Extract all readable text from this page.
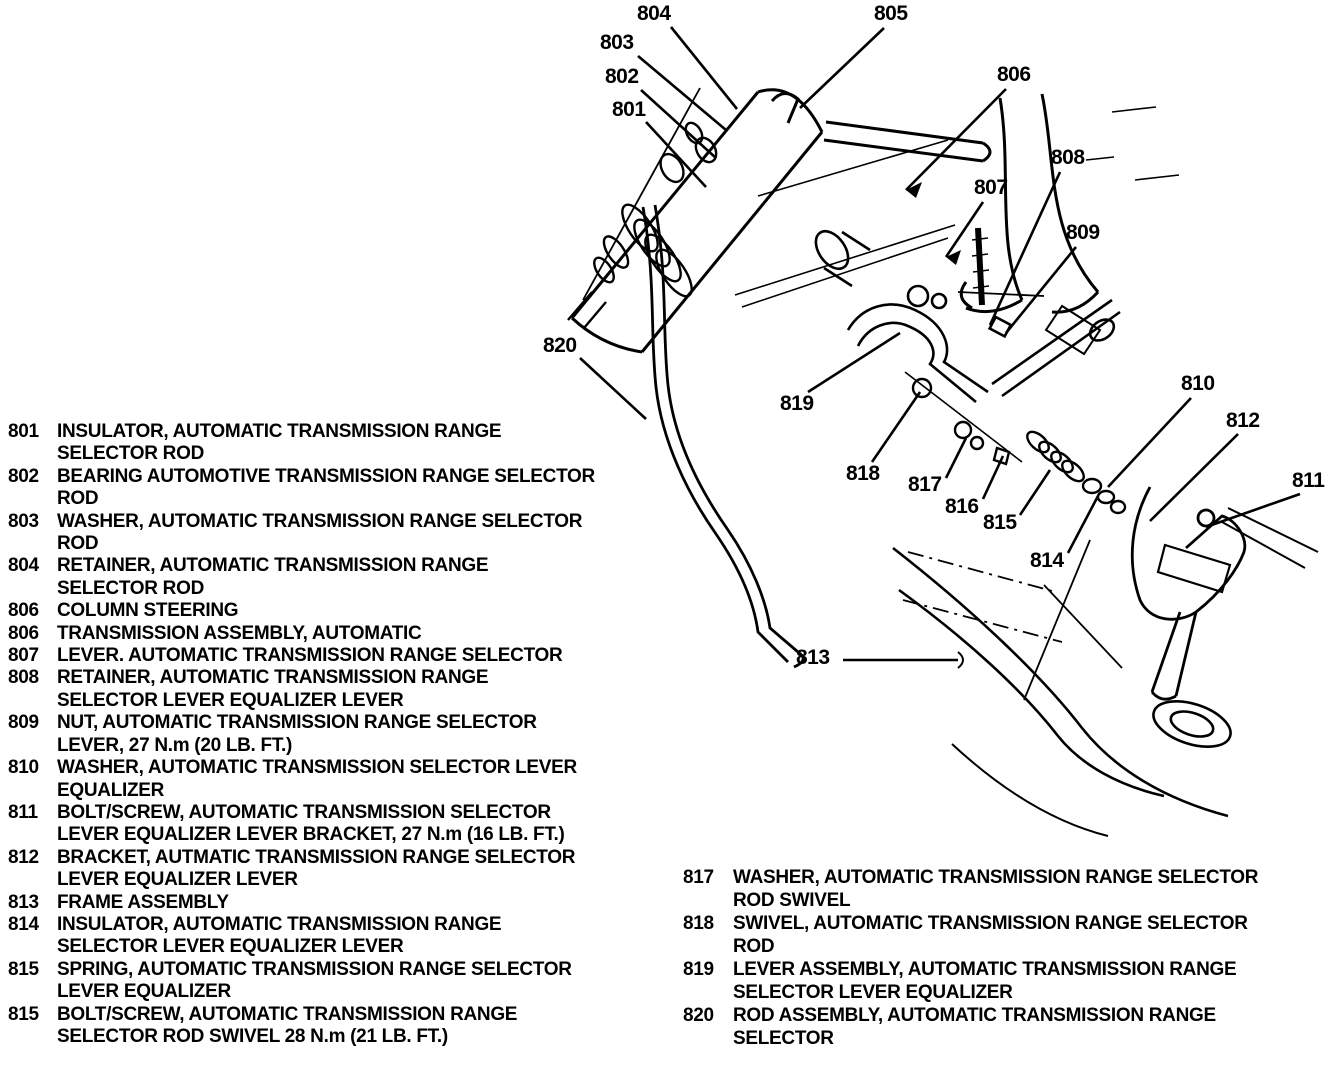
801
802
803
804	805
806
807
808
809
810
811
812
813
814
815
816
817
818
819
820
801 INSULATOR, AUTOMATIC TRANSMISSION RANGE
SELECTOR ROD
802 BEARING AUTOMOTIVE TRANSMISSION RANGE SELECTOR
ROD
803 WASHER, AUTOMATIC TRANSMISSION RANGE SELECTOR
ROD
804 RETAINER, AUTOMATIC TRANSMISSION RANGE
SELECTOR ROD
806 COLUMN STEERING
806 TRANSMISSION ASSEMBLY, AUTOMATIC
807 LEVER. AUTOMATIC TRANSMISSION RANGE SELECTOR
808 RETAINER, AUTOMATIC TRANSMISSION RANGE
SELECTOR LEVER EQUALIZER LEVER
809 NUT, AUTOMATIC TRANSMISSION RANGE SELECTOR
LEVER, 27 N.m (20 LB. FT.)
810 WASHER, AUTOMATIC TRANSMISSION SELECTOR LEVER
EQUALIZER
811	BOLT/SCREW, AUTOMATIC TRANSMISSION SELECTOR
LEVER EQUALIZER LEVER BRACKET, 27 N.m (16 LB. FT.)
812 BRACKET, AUTMATIC TRANSMISSION RANGE SELECTOR
LEVER EQUALIZER LEVER
813 FRAME ASSEMBLY
814 INSULATOR, AUTOMATIC TRANSMISSION RANGE
SELECTOR LEVER EQUALIZER LEVER
815 SPRING, AUTOMATIC TRANSMISSION RANGE SELECTOR
LEVER EQUALIZER
815 BOLT/SCREW, AUTOMATIC TRANSMISSION RANGE
SELECTOR ROD SWIVEL 28 N.m (21 LB. FT.)
817	WASHER, AUTOMATIC TRANSMISSION RANGE SELECTOR
ROD SWIVEL
818	SWIVEL, AUTOMATIC TRANSMISSION RANGE SELECTOR
ROD
819	LEVER ASSEMBLY, AUTOMATIC TRANSMISSION RANGE
SELECTOR LEVER EQUALIZER
820	ROD ASSEMBLY, AUTOMATIC TRANSMISSION RANGE
SELECTOR
